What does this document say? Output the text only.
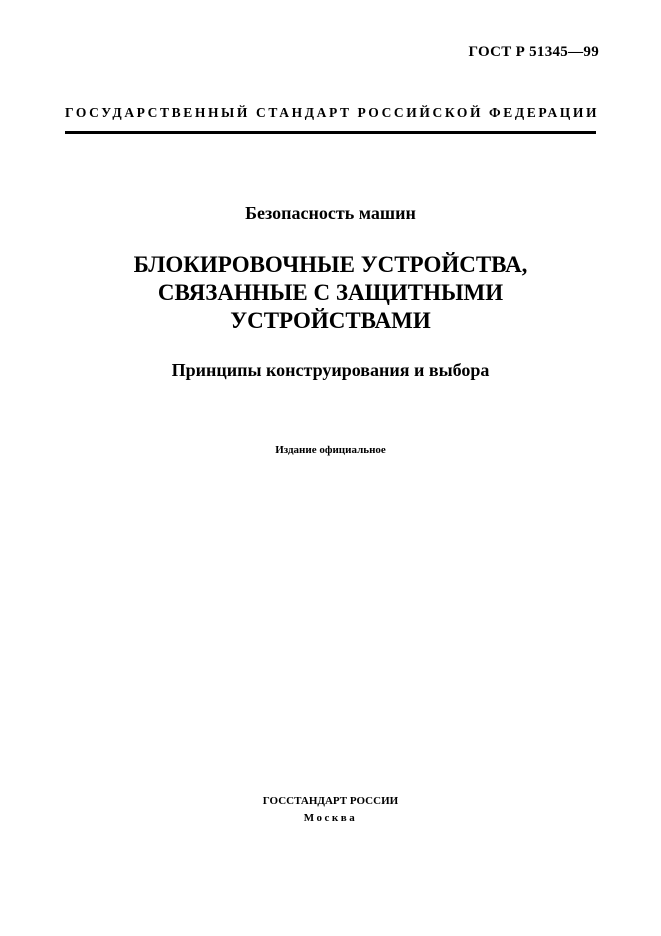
ГОСТ Р 51345—99
ГОСУДАРСТВЕННЫЙ СТАНДАРТ РОССИЙСКОЙ ФЕДЕРАЦИИ
Безопасность машин
БЛОКИРОВОЧНЫЕ УСТРОЙСТВА,
СВЯЗАННЫЕ С ЗАЩИТНЫМИ
УСТРОЙСТВАМИ
Принципы конструирования и выбора
Издание официальное
ГОССТАНДАРТ РОССИИ
Москва
